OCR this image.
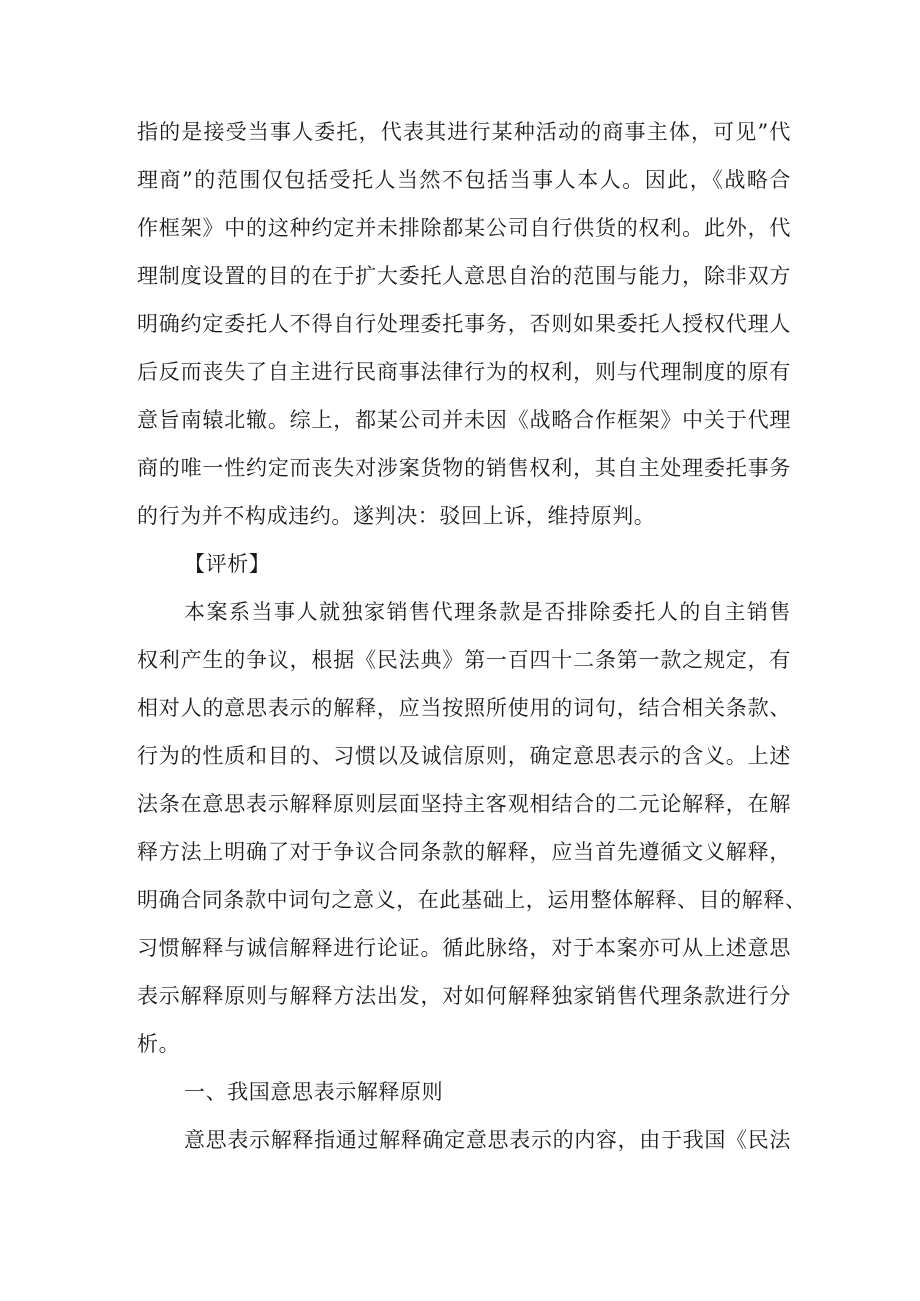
指的是接受当事人委托，代表其进行某种活动的商事主体，可见”代
理商”的范围仅包括受托人当然不包括当事人本人。因此，《战略合
作框架》中的这种约定并未排除都某公司自行供货的权利。此外，代
理制度设置的目的在于扩大委托人意思自治的范围与能力，除非双方
明确约定委托人不得自行处理委托事务，否则如果委托人授权代理人
后反而丧失了自主进行民商事法律行为的权利，则与代理制度的原有
意旨南辕北辙。综上，都某公司并未因《战略合作框架》中关于代理
商的唯一性约定而丧失对涉案货物的销售权利，其自主处理委托事务
的行为并不构成违约。遂判决：驳回上诉，维持原判。
【评析】
本案系当事人就独家销售代理条款是否排除委托人的自主销售
权利产生的争议，根据《民法典》第一百四十二条第一款之规定，有
相对人的意思表示的解释，应当按照所使用的词句，结合相关条款、
行为的性质和目的、习惯以及诚信原则，确定意思表示的含义。上述
法条在意思表示解释原则层面坚持主客观相结合的二元论解释，在解
释方法上明确了对于争议合同条款的解释，应当首先遵循文义解释，
明确合同条款中词句之意义，在此基础上，运用整体解释、目的解释、
习惯解释与诚信解释进行论证。循此脉络，对于本案亦可从上述意思
表示解释原则与解释方法出发，对如何解释独家销售代理条款进行分
析。
一、我国意思表示解释原则
意思表示解释指通过解释确定意思表示的内容，由于我国《民法
